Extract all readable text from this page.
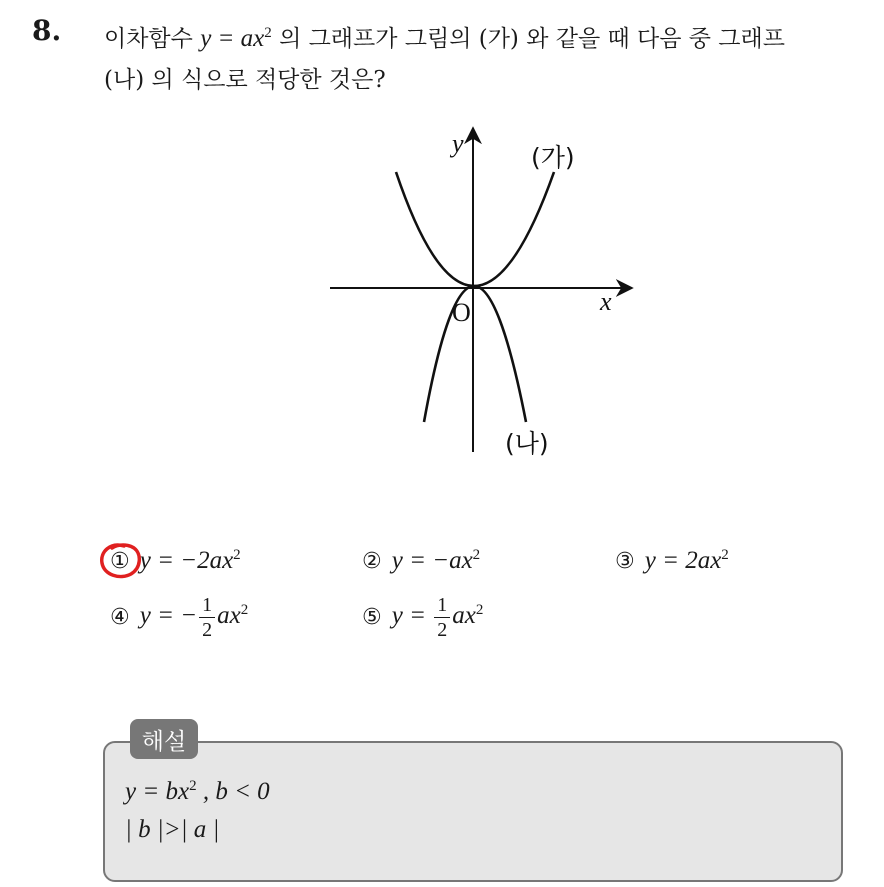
8. 이차함수 $y = ax^2$ 의 그래프가 그림의 (가) 와 같을 때 다음 중 그래프
(나) 의 식으로 적당한 것은?
y
x
O
(가)
(나)
① $y = -2ax^2$	② $y = -ax^2$	③ $y = 2ax^2$
④ y = − $\frac{1}{2} ax^2$	⑤ $y = \frac{1}{2} ax^2$
해설
$y = bx^2$ , b < 0
| b |>| a |
